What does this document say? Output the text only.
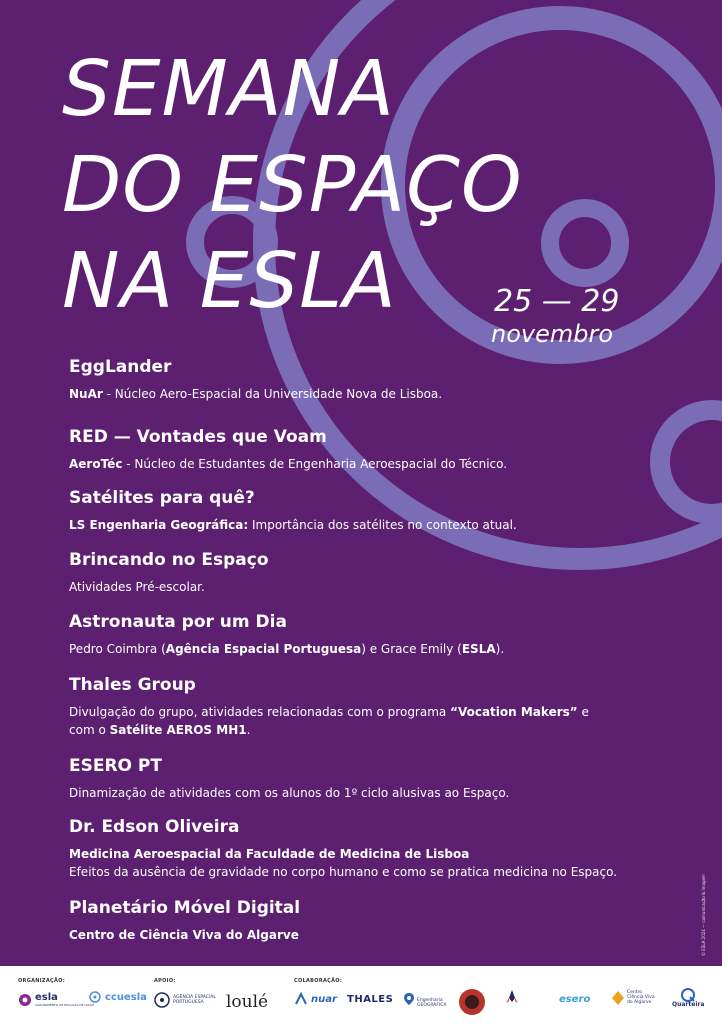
SEMANA
DO ESPAÇO
NA ESLA	25 — 29
novembro
EggLander

NuAr - Núcleo Aero-Espacial da Universidade Nova de Lisboa.

RED — Vontades que Voam

AeroTéc - Núcleo de Estudantes de Engenharia Aeroespacial do Técnico.

Satélites para quê?

LS Engenharia Geográfica: Importância dos satélites no contexto atual.

Brincando no Espaço

Atividades Pré-escolar.

Astronauta por um Dia

Pedro Coimbra (Agência Espacial Portuguesa) e Grace Emily (ESLA).

Thales Group

Divulgação do grupo, atividades relacionadas com o programa “Vocation Makers” e

com o Satélite AEROS MH1.

ESERO PT

Dinamização de atividades com os alunos do 1º ciclo alusivas ao Espaço.

Dr. Edson Oliveira

Medicina Aeroespacial da Faculdade de Medicina de Lisboa

Efeitos da ausência de gravidade no corpo humano e como se pratica medicina no Espaço.

Planetário Móvel Digital

Centro de Ciência Viva do Algarve	© ESLA 2024 — comunicação & imagem
ORGANIZAÇÃO:	APOIO:	COLABORAÇÃO:
esla
AGRUPAMENTO DE ESCOLAS DE LOULÉ
ccuesla	AGÊNCIA ESPACIAL PORTUGUESA	loulé	nuar THALES	Engenharia GEOGRÁFICA

esero
Centro Ciência Viva do Algarve	Quarteira
